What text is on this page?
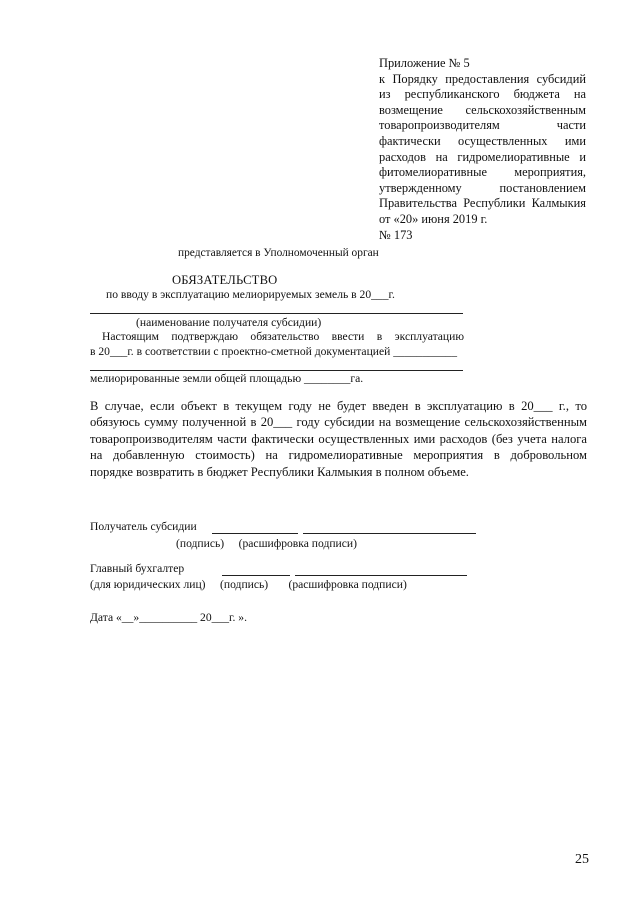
Приложение № 5
к Порядку предоставления субсидий
из республиканского бюджета на
возмещение сельскохозяйственным
товаропроизводителям части
фактически осуществленных ими
расходов на гидромелиоративные и
фитомелиоративные мероприятия,
утвержденному постановлением
Правительства Республики Калмыкия
от «20» июня 2019 г.
№ 173
представляется в Уполномоченный орган
ОБЯЗАТЕЛЬСТВО
по вводу в эксплуатацию мелиорируемых земель в 20___г.
(наименование получателя субсидии)
Настоящим подтверждаю обязательство ввести в эксплуатацию
в 20___г. в соответствии с проектно-сметной документацией ___________
мелиорированные земли общей площадью ________га.
В случае, если объект в текущем году не будет введен в эксплуатацию в 20___ г., то
обязуюсь сумму полученной в 20___ году субсидии на возмещение сельскохозяйственным
товаропроизводителям части фактически осуществленных ими расходов (без учета налога
на добавленную стоимость) на гидромелиоративные мероприятия в добровольном
порядке возвратить в бюджет Республики Калмыкия в полном объеме.
Получатель субсидии
(подпись)     (расшифровка подписи)
Главный бухгалтер
(для юридических лиц)     (подпись)       (расшифровка подписи)
Дата «__»__________ 20___г. ».
25
